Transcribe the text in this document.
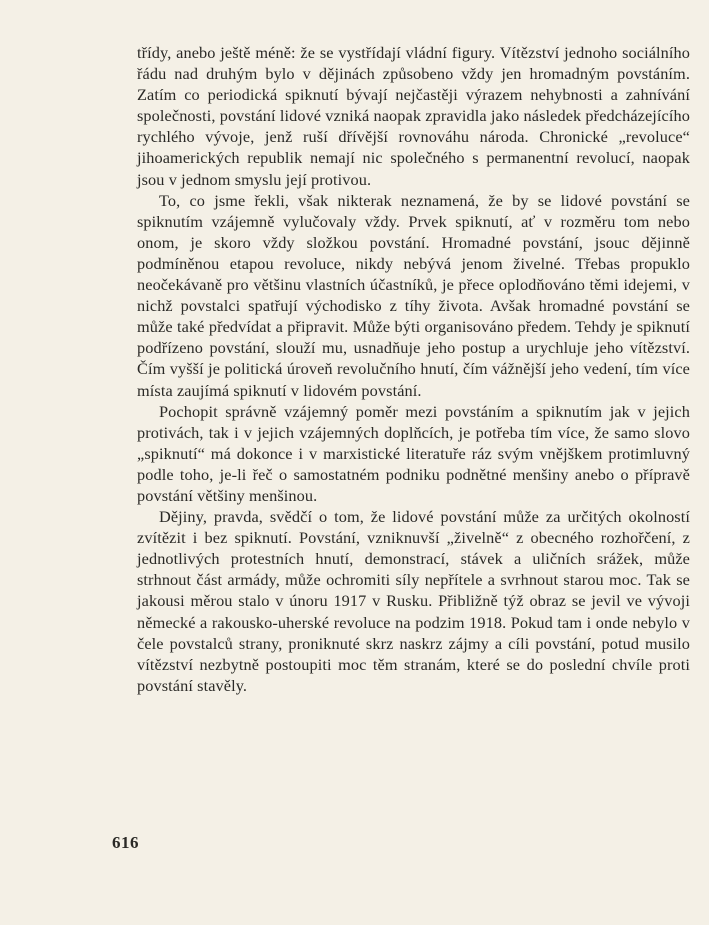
třídy, anebo ještě méně: že se vystřídají vládní figury. Vítězství jednoho sociálního řádu nad druhým bylo v dějinách způsobeno vždy jen hromadným povstáním. Zatím co periodická spiknutí bývají nejčastěji výrazem nehybnosti a zahnívání společnosti, povstání lidové vzniká naopak zpravidla jako následek předcházejícího rychlého vývoje, jenž ruší dřívější rovnováhu národa. Chronické „revoluce“ jihoamerických republik nemají nic společného s permanentní revolucí, naopak jsou v jednom smyslu její protivou.

To, co jsme řekli, však nikterak neznamená, že by se lidové povstání se spiknutím vzájemně vylučovaly vždy. Prvek spiknutí, ať v rozměru tom nebo onom, je skoro vždy složkou povstání. Hromadné povstání, jsouc dějinně podmíněnou etapou revoluce, nikdy nebývá jenom živelné. Třebas propuklo neočekávaně pro většinu vlastních účastníků, je přece oplodňováno těmi idejemi, v nichž povstalci spatřují východisko z tíhy života. Avšak hromadné povstání se může také předvídat a připravit. Může býti organisováno předem. Tehdy je spiknutí podřízeno povstání, slouží mu, usnadňuje jeho postup a urychluje jeho vítězství. Čím vyšší je politická úroveň revolučního hnutí, čím vážnější jeho vedení, tím více místa zaujímá spiknutí v lidovém povstání.

Pochopit správně vzájemný poměr mezi povstáním a spiknutím jak v jejich protivách, tak i v jejich vzájemných doplňcích, je potřeba tím více, že samo slovo „spiknutí“ má dokonce i v marxistické literatuře ráz svým vnějškem protimluvný podle toho, je-li řeč o samostatném podniku podnětné menšiny anebo o přípravě povstání většiny menšinou.

Dějiny, pravda, svědčí o tom, že lidové povstání může za určitých okolností zvítězit i bez spiknutí. Povstání, vzniknuvší „živelně“ z obecného rozhořčení, z jednotlivých protestních hnutí, demonstrací, stávek a uličních srážek, může strhnout část armády, může ochromiti síly nepřítele a svrhnout starou moc. Tak se jakousi měrou stalo v únoru 1917 v Rusku. Přibližně týž obraz se jevil ve vývoji německé a rakousko-uherské revoluce na podzim 1918. Pokud tam i onde nebylo v čele povstalců strany, proniknuté skrz naskrz zájmy a cíli povstání, potud musilo vítězství nezbytně postoupiti moc těm stranám, které se do poslední chvíle proti povstání stavěly.

616
